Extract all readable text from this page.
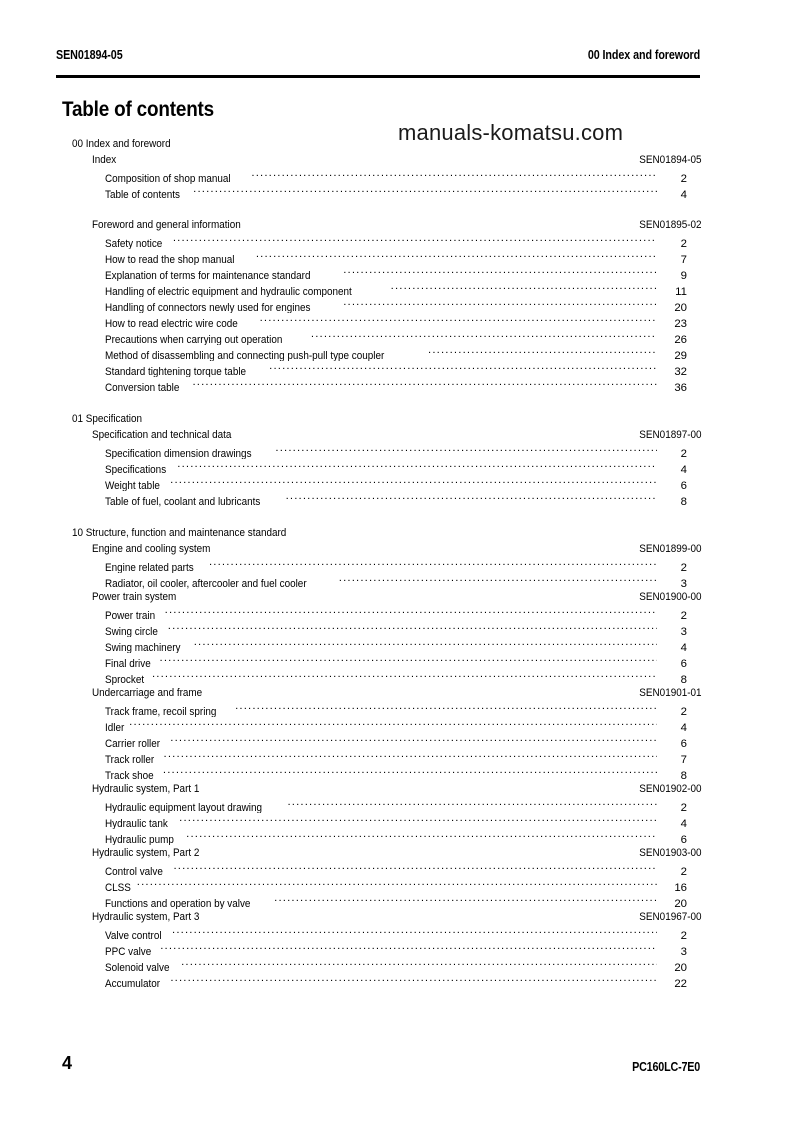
SEN01894-05	00 Index and foreword
Table of contents
manuals-komatsu.com
00 Index and foreword
Index	SEN01894-05
Composition of shop manual .....	2
Table of contents .....	4
Foreword and general information	SEN01895-02
Safety notice .....	2
How to read the shop manual .....	7
Explanation of terms for maintenance standard .....	9
Handling of electric equipment and hydraulic component .....	11
Handling of connectors newly used for engines .....	20
How to read electric wire code .....	23
Precautions when carrying out operation .....	26
Method of disassembling and connecting push-pull type coupler .....	29
Standard tightening torque table .....	32
Conversion table .....	36
01 Specification
Specification and technical data	SEN01897-00
Specification dimension drawings .....	2
Specifications .....	4
Weight table .....	6
Table of fuel, coolant and lubricants .....	8
10 Structure, function and maintenance standard
Engine and cooling system	SEN01899-00
Engine related parts .....	2
Radiator, oil cooler, aftercooler and fuel cooler .....	3
Power train system	SEN01900-00
Power train .....	2
Swing circle .....	3
Swing machinery .....	4
Final drive .....	6
Sprocket .....	8
Undercarriage and frame	SEN01901-01
Track frame, recoil spring .....	2
Idler .....	4
Carrier roller .....	6
Track roller .....	7
Track shoe .....	8
Hydraulic system, Part 1	SEN01902-00
Hydraulic equipment layout drawing .....	2
Hydraulic tank .....	4
Hydraulic pump .....	6
Hydraulic system, Part 2	SEN01903-00
Control valve .....	2
CLSS .....	16
Functions and operation by valve .....	20
Hydraulic system, Part 3	SEN01967-00
Valve control .....	2
PPC valve .....	3
Solenoid valve .....	20
Accumulator .....	22
4	PC160LC-7E0
